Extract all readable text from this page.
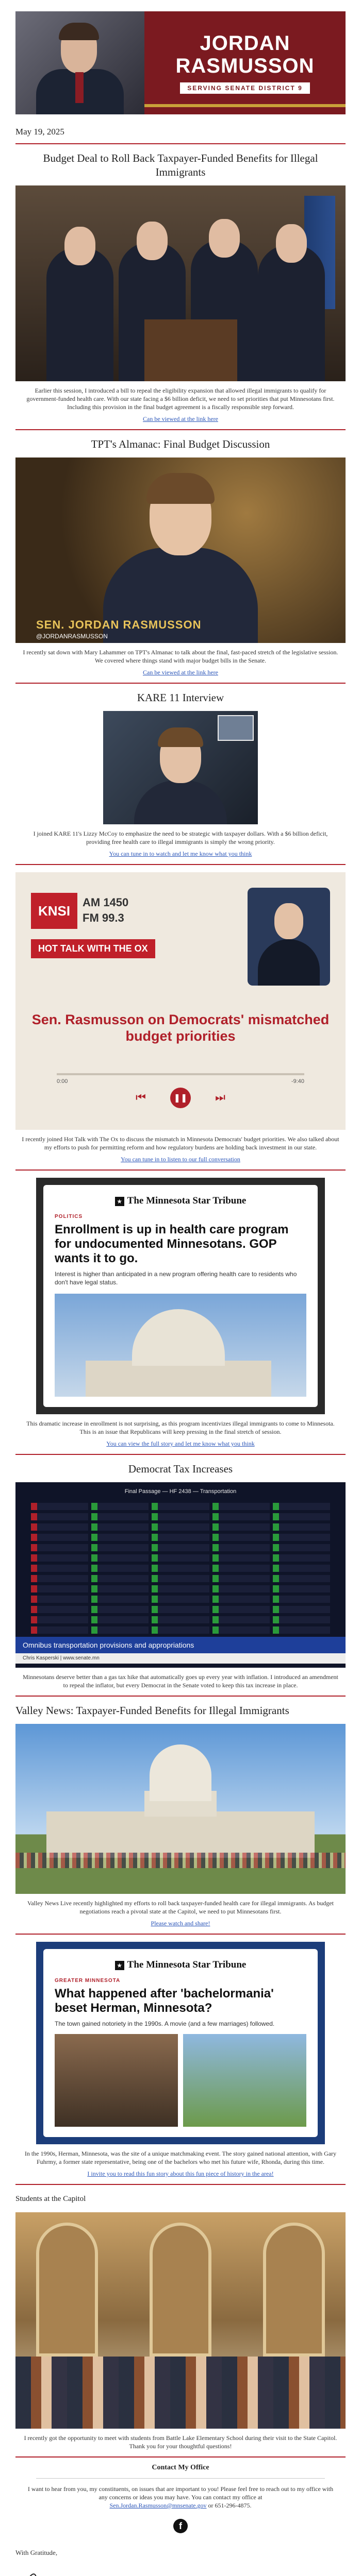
JORDAN
RASMUSSON
SERVING SENATE DISTRICT 9
May 19, 2025
Budget Deal to Roll Back Taxpayer-Funded Benefits for Illegal Immigrants

Earlier this session, I introduced a bill to repeal the eligibility expansion that allowed illegal immigrants to qualify for government-funded health care. With our state facing a $6 billion deficit, we need to set priorities that put Minnesotans first. Including this provision in the final budget agreement is a fiscally responsible step forward.

Can be viewed at the link here
TPT's Almanac: Final Budget Discussion
SEN. JORDAN RASMUSSON
@JORDANRASMUSSON

I recently sat down with Mary Lahammer on TPT's Almanac to talk about the final, fast-paced stretch of the legislative session. We covered where things stand with major budget bills in the Senate.

Can be viewed at the link here
KARE 11 Interview

I joined KARE 11's Lizzy McCoy to emphasize the need to be strategic with taxpayer dollars. With a $6 billion deficit, providing free health care to illegal immigrants is simply the wrong priority.

You can tune in to watch and let me know what you think
KNSI
AM 1450
FM 99.3
HOT TALK WITH THE OX
Sen. Rasmusson on Democrats' mismatched budget priorities
0:00	-9:40
⏮	❚❚	⏭

I recently joined Hot Talk with The Ox to discuss the mismatch in Minnesota Democrats' budget priorities. We also talked about my efforts to push for permitting reform and how regulatory burdens are holding back investment in our state.

You can tune in to listen to our full conversation
★ The Minnesota Star Tribune
POLITICS
Enrollment is up in health care program for undocumented Minnesotans. GOP wants it to go.
Interest is higher than anticipated in a new program offering health care to residents who don't have legal status.

This dramatic increase in enrollment is not surprising, as this program incentivizes illegal immigrants to come to Minnesota. This is an issue that Republicans will keep pressing in the final stretch of session.

You can view the full story and let me know what you think
Democrat Tax Increases
Final Passage — HF 2438 — Transportation
Omnibus transportation provisions and appropriations
Chris Kasperski | www.senate.mn

Minnesotans deserve better than a gas tax hike that automatically goes up every year with inflation. I introduced an amendment to repeal the inflator, but every Democrat in the Senate voted to keep this tax increase in place.

Valley News: Taxpayer-Funded Benefits for Illegal Immigrants

Valley News Live recently highlighted my efforts to roll back taxpayer-funded health care for illegal immigrants. As budget negotiations reach a pivotal state at the Capitol, we need to put Minnesotans first.

Please watch and share!
★ The Minnesota Star Tribune
GREATER MINNESOTA
What happened after 'bachelormania' beset Herman, Minnesota?
The town gained notoriety in the 1990s. A movie (and a few marriages) followed.

In the 1990s, Herman, Minnesota, was the site of a unique matchmaking event. The story gained national attention, with Gary Fuhrmy, a former state representative, being one of the bachelors who met his future wife, Rhonda, during this time.

I invite you to read this fun story about this fun piece of history in the area!
Students at the Capitol

I recently got the opportunity to meet with students from Battle Lake Elementary School during their visit to the State Capitol. Thank you for your thoughtful questions!

Contact My Office

I want to hear from you, my constituents, on issues that are important to you! Please feel free to reach out to my office with any concerns or ideas you may have. You can contact my office at
Sen.Jordan.Rasmusson@mnsenate.gov or 651-296-4875.

f
With Gratitude,
